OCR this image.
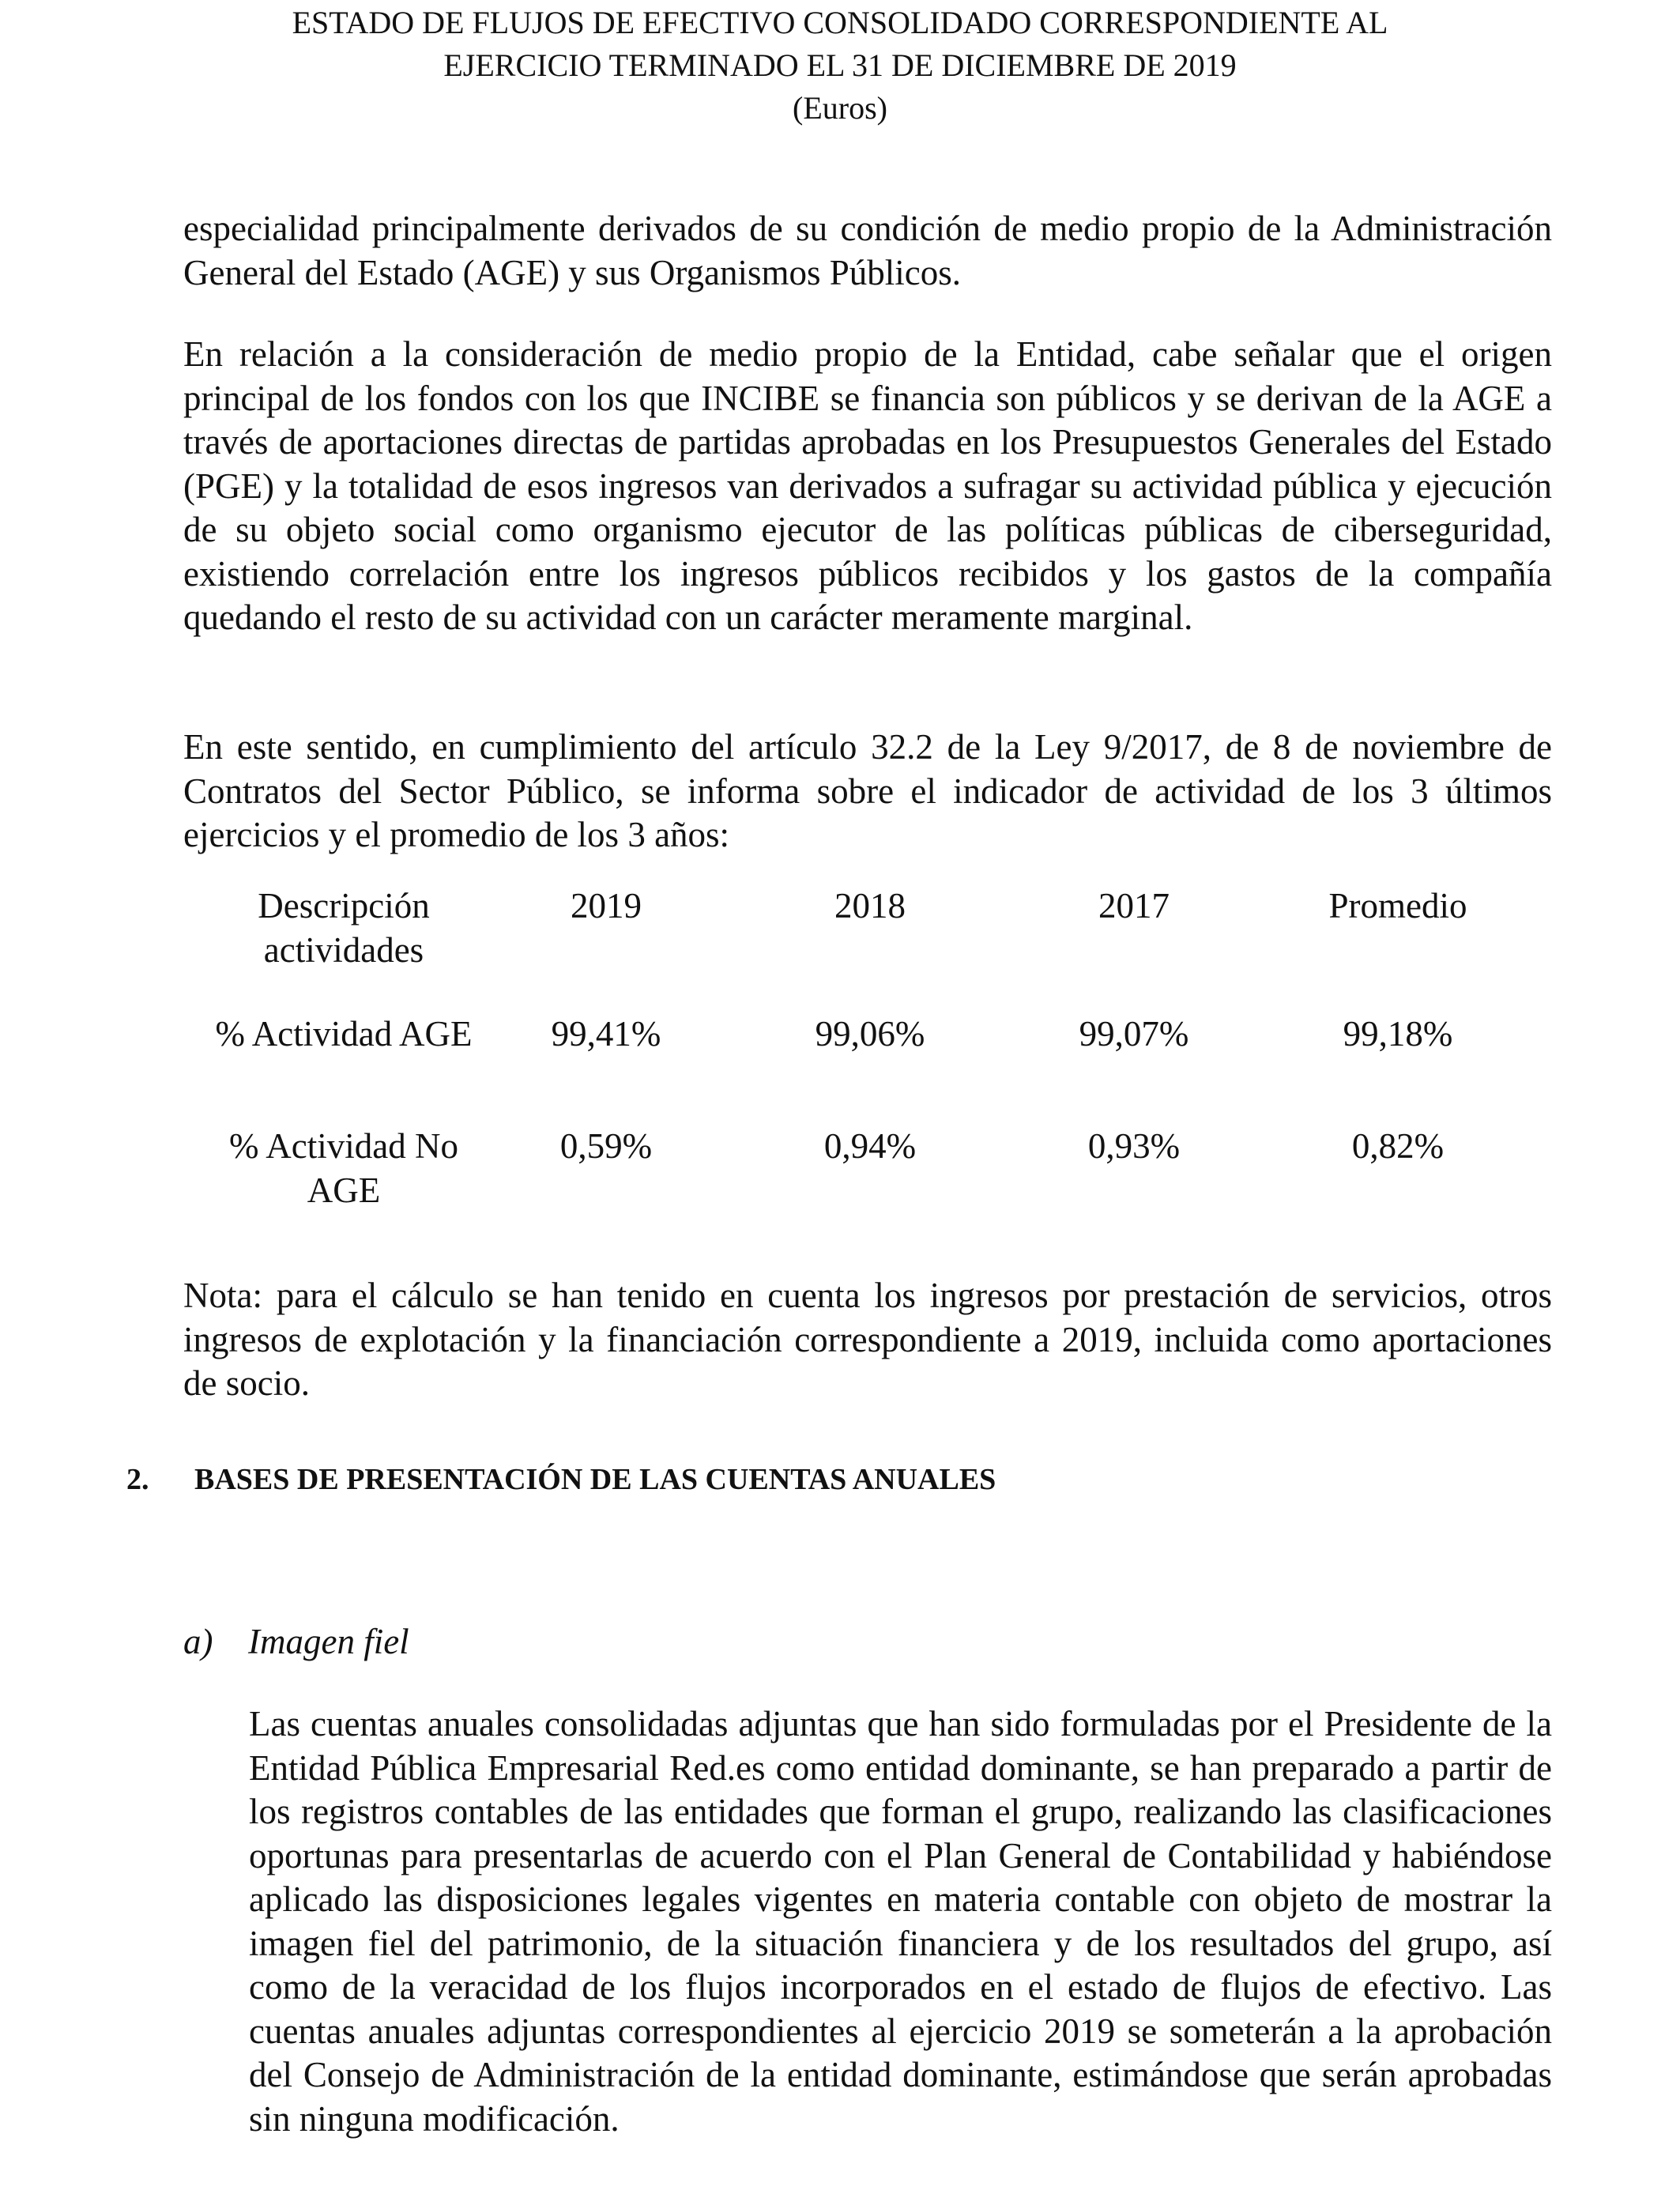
ESTADO DE FLUJOS DE EFECTIVO CONSOLIDADO CORRESPONDIENTE AL
EJERCICIO TERMINADO EL 31 DE DICIEMBRE DE 2019
(Euros)

especialidad principalmente derivados de su condición de medio propio de la Administración General del Estado (AGE) y sus Organismos Públicos.

En relación a la consideración de medio propio de la Entidad, cabe señalar que el origen principal de los fondos con los que INCIBE se financia son públicos y se derivan de la AGE a través de aportaciones directas de partidas aprobadas en los Presupuestos Generales del Estado (PGE) y la totalidad de esos ingresos van derivados a sufragar su actividad pública y ejecución de su objeto social como organismo ejecutor de las políticas públicas de ciberseguridad, existiendo correlación entre los ingresos públicos recibidos y los gastos de la compañía quedando el resto de su actividad con un carácter meramente marginal.

En este sentido, en cumplimiento del artículo 32.2 de la Ley 9/2017, de 8 de noviembre de Contratos del Sector Público, se informa sobre el indicador de actividad de los 3 últimos ejercicios y el promedio de los 3 años:

Descripción actividades	2019	2018	2017	Promedio
% Actividad AGE	99,41%	99,06%	99,07%	99,18%
% Actividad No AGE	0,59%	0,94%	0,93%	0,82%

Nota: para el cálculo se han tenido en cuenta los ingresos por prestación de servicios, otros ingresos de explotación y la financiación correspondiente a 2019, incluida como aportaciones de socio.

2. BASES DE PRESENTACIÓN DE LAS CUENTAS ANUALES
a) Imagen fiel

Las cuentas anuales consolidadas adjuntas que han sido formuladas por el Presidente de la Entidad Pública Empresarial Red.es como entidad dominante, se han preparado a partir de los registros contables de las entidades que forman el grupo, realizando las clasificaciones oportunas para presentarlas de acuerdo con el Plan General de Contabilidad y habiéndose aplicado las disposiciones legales vigentes en materia contable con objeto de mostrar la imagen fiel del patrimonio, de la situación financiera y de los resultados del grupo, así como de la veracidad de los flujos incorporados en el estado de flujos de efectivo. Las cuentas anuales adjuntas correspondientes al ejercicio 2019 se someterán a la aprobación del Consejo de Administración de la entidad dominante, estimándose que serán aprobadas sin ninguna modificación.
